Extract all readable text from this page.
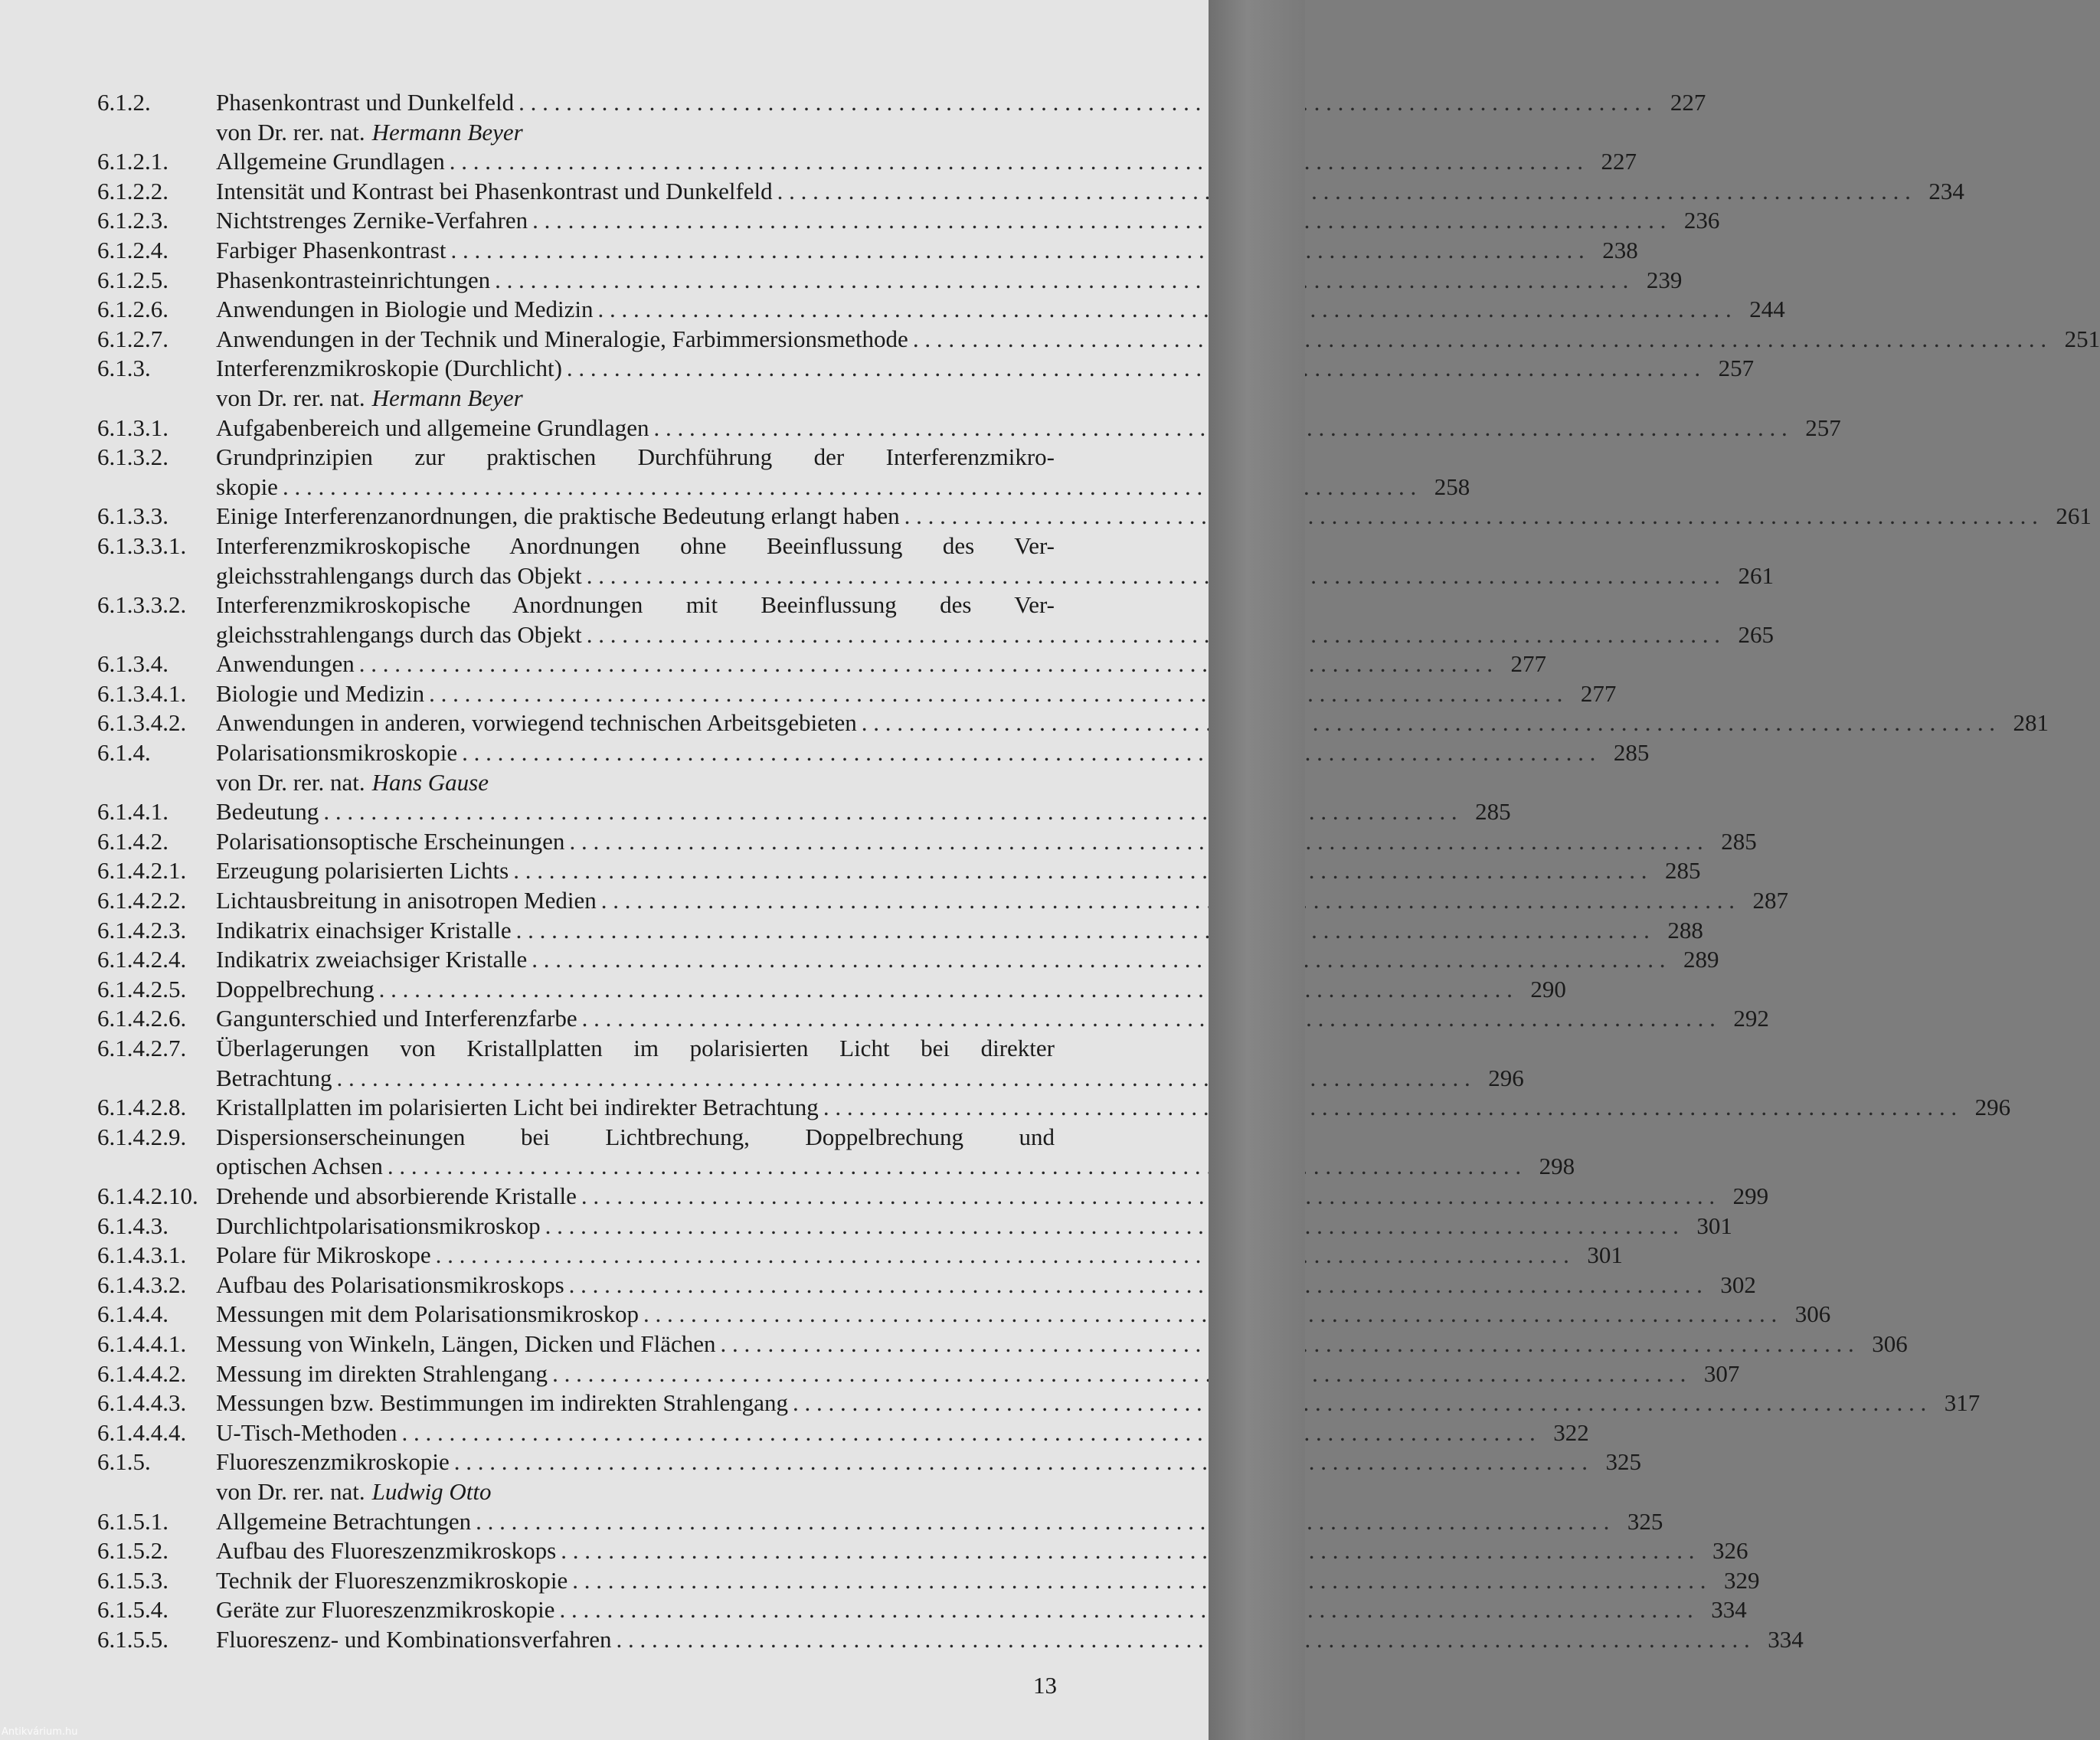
6.1.2.	Phasenkontrast und Dunkelfeld . . .	227
von Dr. rer. nat. Hermann Beyer
6.1.2.1.	Allgemeine Grundlagen . . .	227
6.1.2.2.	Intensität und Kontrast bei Phasenkontrast und Dunkelfeld . . .	234
6.1.2.3.	Nichtstrenges Zernike-Verfahren . . .	236
6.1.2.4.	Farbiger Phasenkontrast . . .	238
6.1.2.5.	Phasenkontrasteinrichtungen . . .	239
6.1.2.6.	Anwendungen in Biologie und Medizin . . .	244
6.1.2.7.	Anwendungen in der Technik und Mineralogie, Farbimmersionsmethode . . .	251
6.1.3.	Interferenzmikroskopie (Durchlicht) . . .	257
von Dr. rer. nat. Hermann Beyer
6.1.3.1.	Aufgabenbereich und allgemeine Grundlagen . . .	257
6.1.3.2.	Grundprinzipien zur praktischen Durchführung der Interferenzmikro-
skopie . . .	258
6.1.3.3.	Einige Interferenzanordnungen, die praktische Bedeutung erlangt haben . . .	261
6.1.3.3.1.	Interferenzmikroskopische Anordnungen ohne Beeinflussung des Ver-
gleichsstrahlengangs durch das Objekt . . .	261
6.1.3.3.2.	Interferenzmikroskopische Anordnungen mit Beeinflussung des Ver-
gleichsstrahlengangs durch das Objekt . . .	265
6.1.3.4.	Anwendungen . . .	277
6.1.3.4.1.	Biologie und Medizin . . .	277
6.1.3.4.2.	Anwendungen in anderen, vorwiegend technischen Arbeitsgebieten . . .	281
6.1.4.	Polarisationsmikroskopie . . .	285
von Dr. rer. nat. Hans Gause
6.1.4.1.	Bedeutung . . .	285
6.1.4.2.	Polarisationsoptische Erscheinungen . . .	285
6.1.4.2.1.	Erzeugung polarisierten Lichts . . .	285
6.1.4.2.2.	Lichtausbreitung in anisotropen Medien . . .	287
6.1.4.2.3.	Indikatrix einachsiger Kristalle . . .	288
6.1.4.2.4.	Indikatrix zweiachsiger Kristalle . . .	289
6.1.4.2.5.	Doppelbrechung . . .	290
6.1.4.2.6.	Gangunterschied und Interferenzfarbe . . .	292
6.1.4.2.7.	Überlagerungen von Kristallplatten im polarisierten Licht bei direkter
Betrachtung . . .	296
6.1.4.2.8.	Kristallplatten im polarisierten Licht bei indirekter Betrachtung . . .	296
6.1.4.2.9.	Dispersionserscheinungen bei Lichtbrechung, Doppelbrechung und
optischen Achsen . . .	298
6.1.4.2.10. Drehende und absorbierende Kristalle . . .	299
6.1.4.3.	Durchlichtpolarisationsmikroskop . . .	301
6.1.4.3.1.	Polare für Mikroskope . . .	301
6.1.4.3.2.	Aufbau des Polarisationsmikroskops . . .	302
6.1.4.4.	Messungen mit dem Polarisationsmikroskop . . .	306
6.1.4.4.1.	Messung von Winkeln, Längen, Dicken und Flächen . . .	306
6.1.4.4.2.	Messung im direkten Strahlengang . . .	307
6.1.4.4.3.	Messungen bzw. Bestimmungen im indirekten Strahlengang . . .	317
6.1.4.4.4.	U-Tisch-Methoden . . .	322
6.1.5.	Fluoreszenzmikroskopie . . .	325
von Dr. rer. nat. Ludwig Otto
6.1.5.1.	Allgemeine Betrachtungen . . .	325
6.1.5.2.	Aufbau des Fluoreszenzmikroskops . . .	326
6.1.5.3.	Technik der Fluoreszenzmikroskopie . . .	329
6.1.5.4.	Geräte zur Fluoreszenzmikroskopie . . .	334
6.1.5.5.	Fluoreszenz- und Kombinationsverfahren . . .	334
13
Antikvárium.hu
